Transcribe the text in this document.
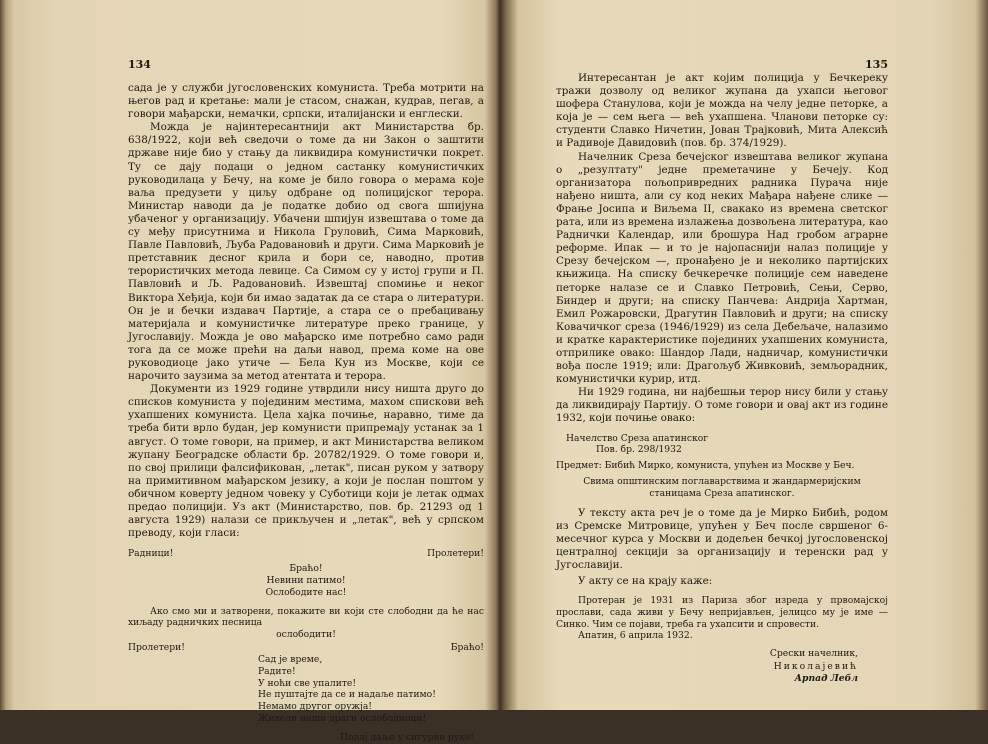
134

сада је у служби југословенских комуниста. Треба мотрити на његов рад и кретање: мали је стасом, снажан, кудрав, пегав, а говори мађарски, немачки, српски, италијански и енглески.

Можда је најинтересантнији акт Министарства бр. 638/1922, који већ сведочи о томе да ни Закон о заштити државе није био у стању да ликвидира комунистички покрет. Ту се дају подаци о једном састанку комунистичких руководилаца у Бечу, на коме је било говора о мерама које ваља предузети у циљу одбране од полицијског терора. Министар наводи да је податке добио од свога шпијуна убаченог у организацију. Убачени шпијун извештава о томе да су међу присутнима и Никола Груловић, Сима Марковић, Павле Павловић, Љуба Радовановић и други. Сима Марковић је претставник десног крила и бори се, наводно, против терористичких метода левице. Са Симом су у истој групи и П. Павловић и Љ. Радовановић. Извештај спомиње и неког Виктора Хеђија, који би имао задатак да се стара о литератури. Он је и бечки издавач Партије, а стара се о пребацивању материјала и комунистичке литературе преко границе, у Југославију. Можда је ово мађарско име потребно само ради тога да се може прећи на даљи навод, према коме на ове руководиоце јако утиче — Бела Кун из Москве, који се нарочито заузима за метод атентата и терора.

Документи из 1929 године утврдили нису ништа друго до списков комуниста у појединим местима, махом спискови већ ухапшених комуниста. Цела хајка почиње, наравно, тиме да треба бити врло будан, јер комунисти припремају устанак за 1 август. О томе говори, на пример, и акт Министарства великом жупану Београдске области бр. 20782/1929. О томе говори и, по свој прилици фалсификован, „летак", писан руком у затвору на примитивном мађарском језику, а који је послан поштом у обичном коверту једном човеку у Суботици који је летак одмах предао полицији. Уз акт (Министарство, пов. бр. 21293 од 1 августа 1929) налази се прикључен и „летак", већ у српском преводу, који гласи:

Радници!	Пролетери!
Браћо!
Невини патимо!
Ослободите нас!

Ако смо ми и затворени, покажите ви који сте слободни да ће нас хиљаду радничких песница

ослободити!
Пролетери!	Браћо!
Сад је време,
Радите!
У ноћи све упалите!
Не пуштајте да се и надаље патимо!
Немамо другог оружја!
Живели наши драги ослободиоци!
Подај даље у сигурне руке!
135

Интересантан је акт којим полиција у Бечкереку тражи дозволу од великог жупана да ухапси његовог шофера Станулова, који је можда на челу једне петорке, а која је — сем њега — већ ухапшена. Чланови петорке су: студенти Славко Ничетин, Јован Трајковић, Мита Алексић и Радивоје Давидовић (пов. бр. 374/1929).

Начелник Среза бечејског извештава великог жупана о „резултату" једне преметачине у Бечеју. Код организатора пољопривредних радника Пурача није нађено ништа, али су код неких Мађара нађене слике — Фрање Јосипа и Виљема II, свакако из времена светског рата, или из времена излажења дозвољена литература, као Раднички Календар, или брошура Над гробом аграрне реформе. Ипак — и то је најопаснији налаз полиције у Срезу бечејском —, пронађено је и неколико партијских књижица. На списку бечкеречке полиције сем наведене петорке налазе се и Славко Петровић, Сењи, Серво, Биндер и други; на списку Панчева: Андрија Хартман, Емил Рожаровски, Драгутин Павловић и други; на списку Ковачичког среза (1946/1929) из села Дебељаче, налазимо и кратке карактеристике појединих ухапшених комуниста, отприлике овако: Шандор Лади, надничар, комунистички вођа после 1919; или: Драгољуб Живковић, земљорадник, комунистички курир, итд.

Ни 1929 година, ни најбешњи терор нису били у стању да ликвидирају Партију. О томе говори и овај акт из године 1932, који почиње овако:

Начелство Среза апатинског
Пов. бр. 298/1932
Предмет: Бибић Мирко, комуниста, упућен из Москве у Беч.
Свима општинским поглаварствима и жандармеријским станицама Среза апатинског.

У тексту акта реч је о томе да је Мирко Бибић, родом из Сремске Митровице, упућен у Беч после свршеног 6-месечног курса у Москви и додељен бечкој југословенској централној секцији за организацију и теренски рад у Југославији.

У акту се на крају каже:

Протеран је 1931 из Париза због изреда у првомајској прослави, сада живи у Бечу непријављен, јелицсо му је име — Синко. Чим се појави, треба га ухапсити и спровести.

Апатин, 6 априла 1932.
Срески начелник,
Николајевић
Арпад Лебл
